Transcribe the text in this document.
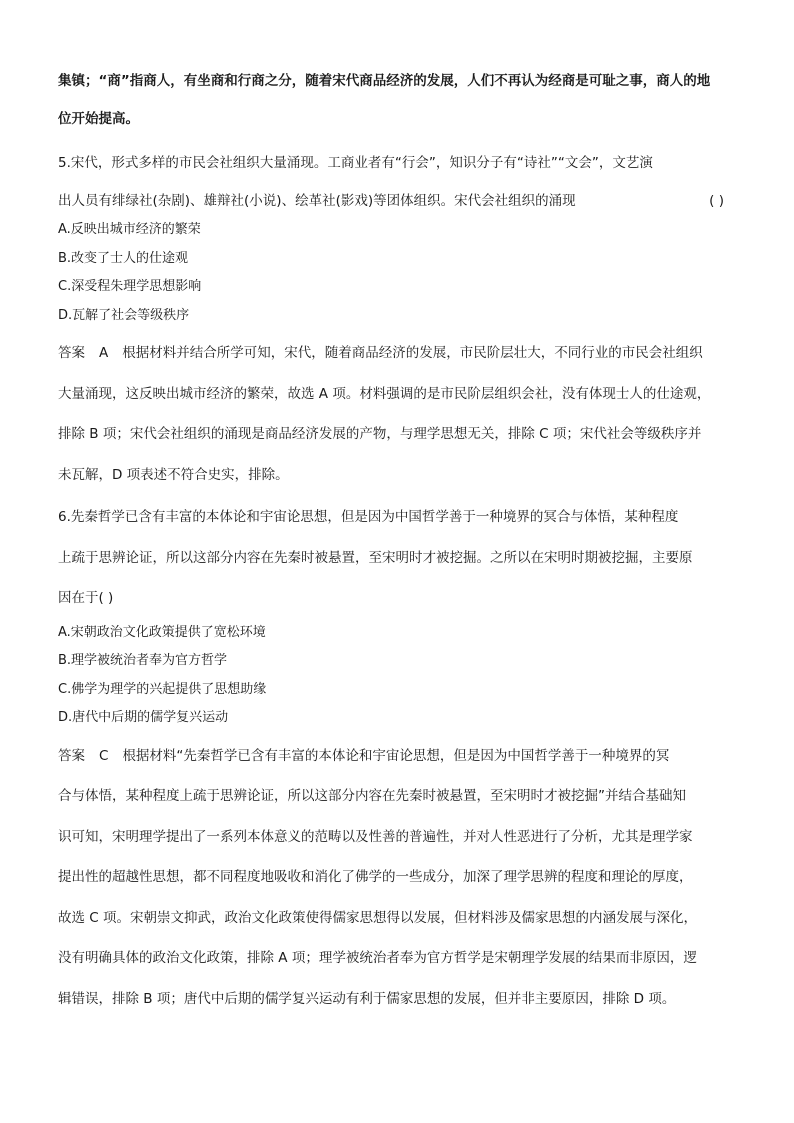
集镇；“商”指商人，有坐商和行商之分，随着宋代商品经济的发展，人们不再认为经商是可耻之事，商人的地
位开始提高。
5.宋代，形式多样的市民会社组织大量涌现。工商业者有“行会”，知识分子有“诗社”“文会”，文艺演
出人员有绯绿社(杂剧)、雄辩社(小说)、绘革社(影戏)等团体组织。宋代会社组织的涌现	( )
A.反映出城市经济的繁荣
B.改变了士人的仕途观
C.深受程朱理学思想影响
D.瓦解了社会等级秩序
答案 A 根据材料并结合所学可知，宋代，随着商品经济的发展，市民阶层壮大，不同行业的市民会社组织
大量涌现，这反映出城市经济的繁荣，故选 A 项。材料强调的是市民阶层组织会社，没有体现士人的仕途观，
排除 B 项；宋代会社组织的涌现是商品经济发展的产物，与理学思想无关，排除 C 项；宋代社会等级秩序并
未瓦解，D 项表述不符合史实，排除。
6.先秦哲学已含有丰富的本体论和宇宙论思想，但是因为中国哲学善于一种境界的冥合与体悟，某种程度
上疏于思辨论证，所以这部分内容在先秦时被悬置，至宋明时才被挖掘。之所以在宋明时期被挖掘，主要原
因在于( )
A.宋朝政治文化政策提供了宽松环境
B.理学被统治者奉为官方哲学
C.佛学为理学的兴起提供了思想助缘
D.唐代中后期的儒学复兴运动
答案 C 根据材料“先秦哲学已含有丰富的本体论和宇宙论思想，但是因为中国哲学善于一种境界的冥
合与体悟，某种程度上疏于思辨论证，所以这部分内容在先秦时被悬置，至宋明时才被挖掘”并结合基础知
识可知，宋明理学提出了一系列本体意义的范畴以及性善的普遍性，并对人性恶进行了分析，尤其是理学家
提出性的超越性思想，都不同程度地吸收和消化了佛学的一些成分，加深了理学思辨的程度和理论的厚度，
故选 C 项。宋朝崇文抑武，政治文化政策使得儒家思想得以发展，但材料涉及儒家思想的内涵发展与深化，
没有明确具体的政治文化政策，排除 A 项；理学被统治者奉为官方哲学是宋朝理学发展的结果而非原因，逻
辑错误，排除 B 项；唐代中后期的儒学复兴运动有利于儒家思想的发展，但并非主要原因，排除 D 项。
